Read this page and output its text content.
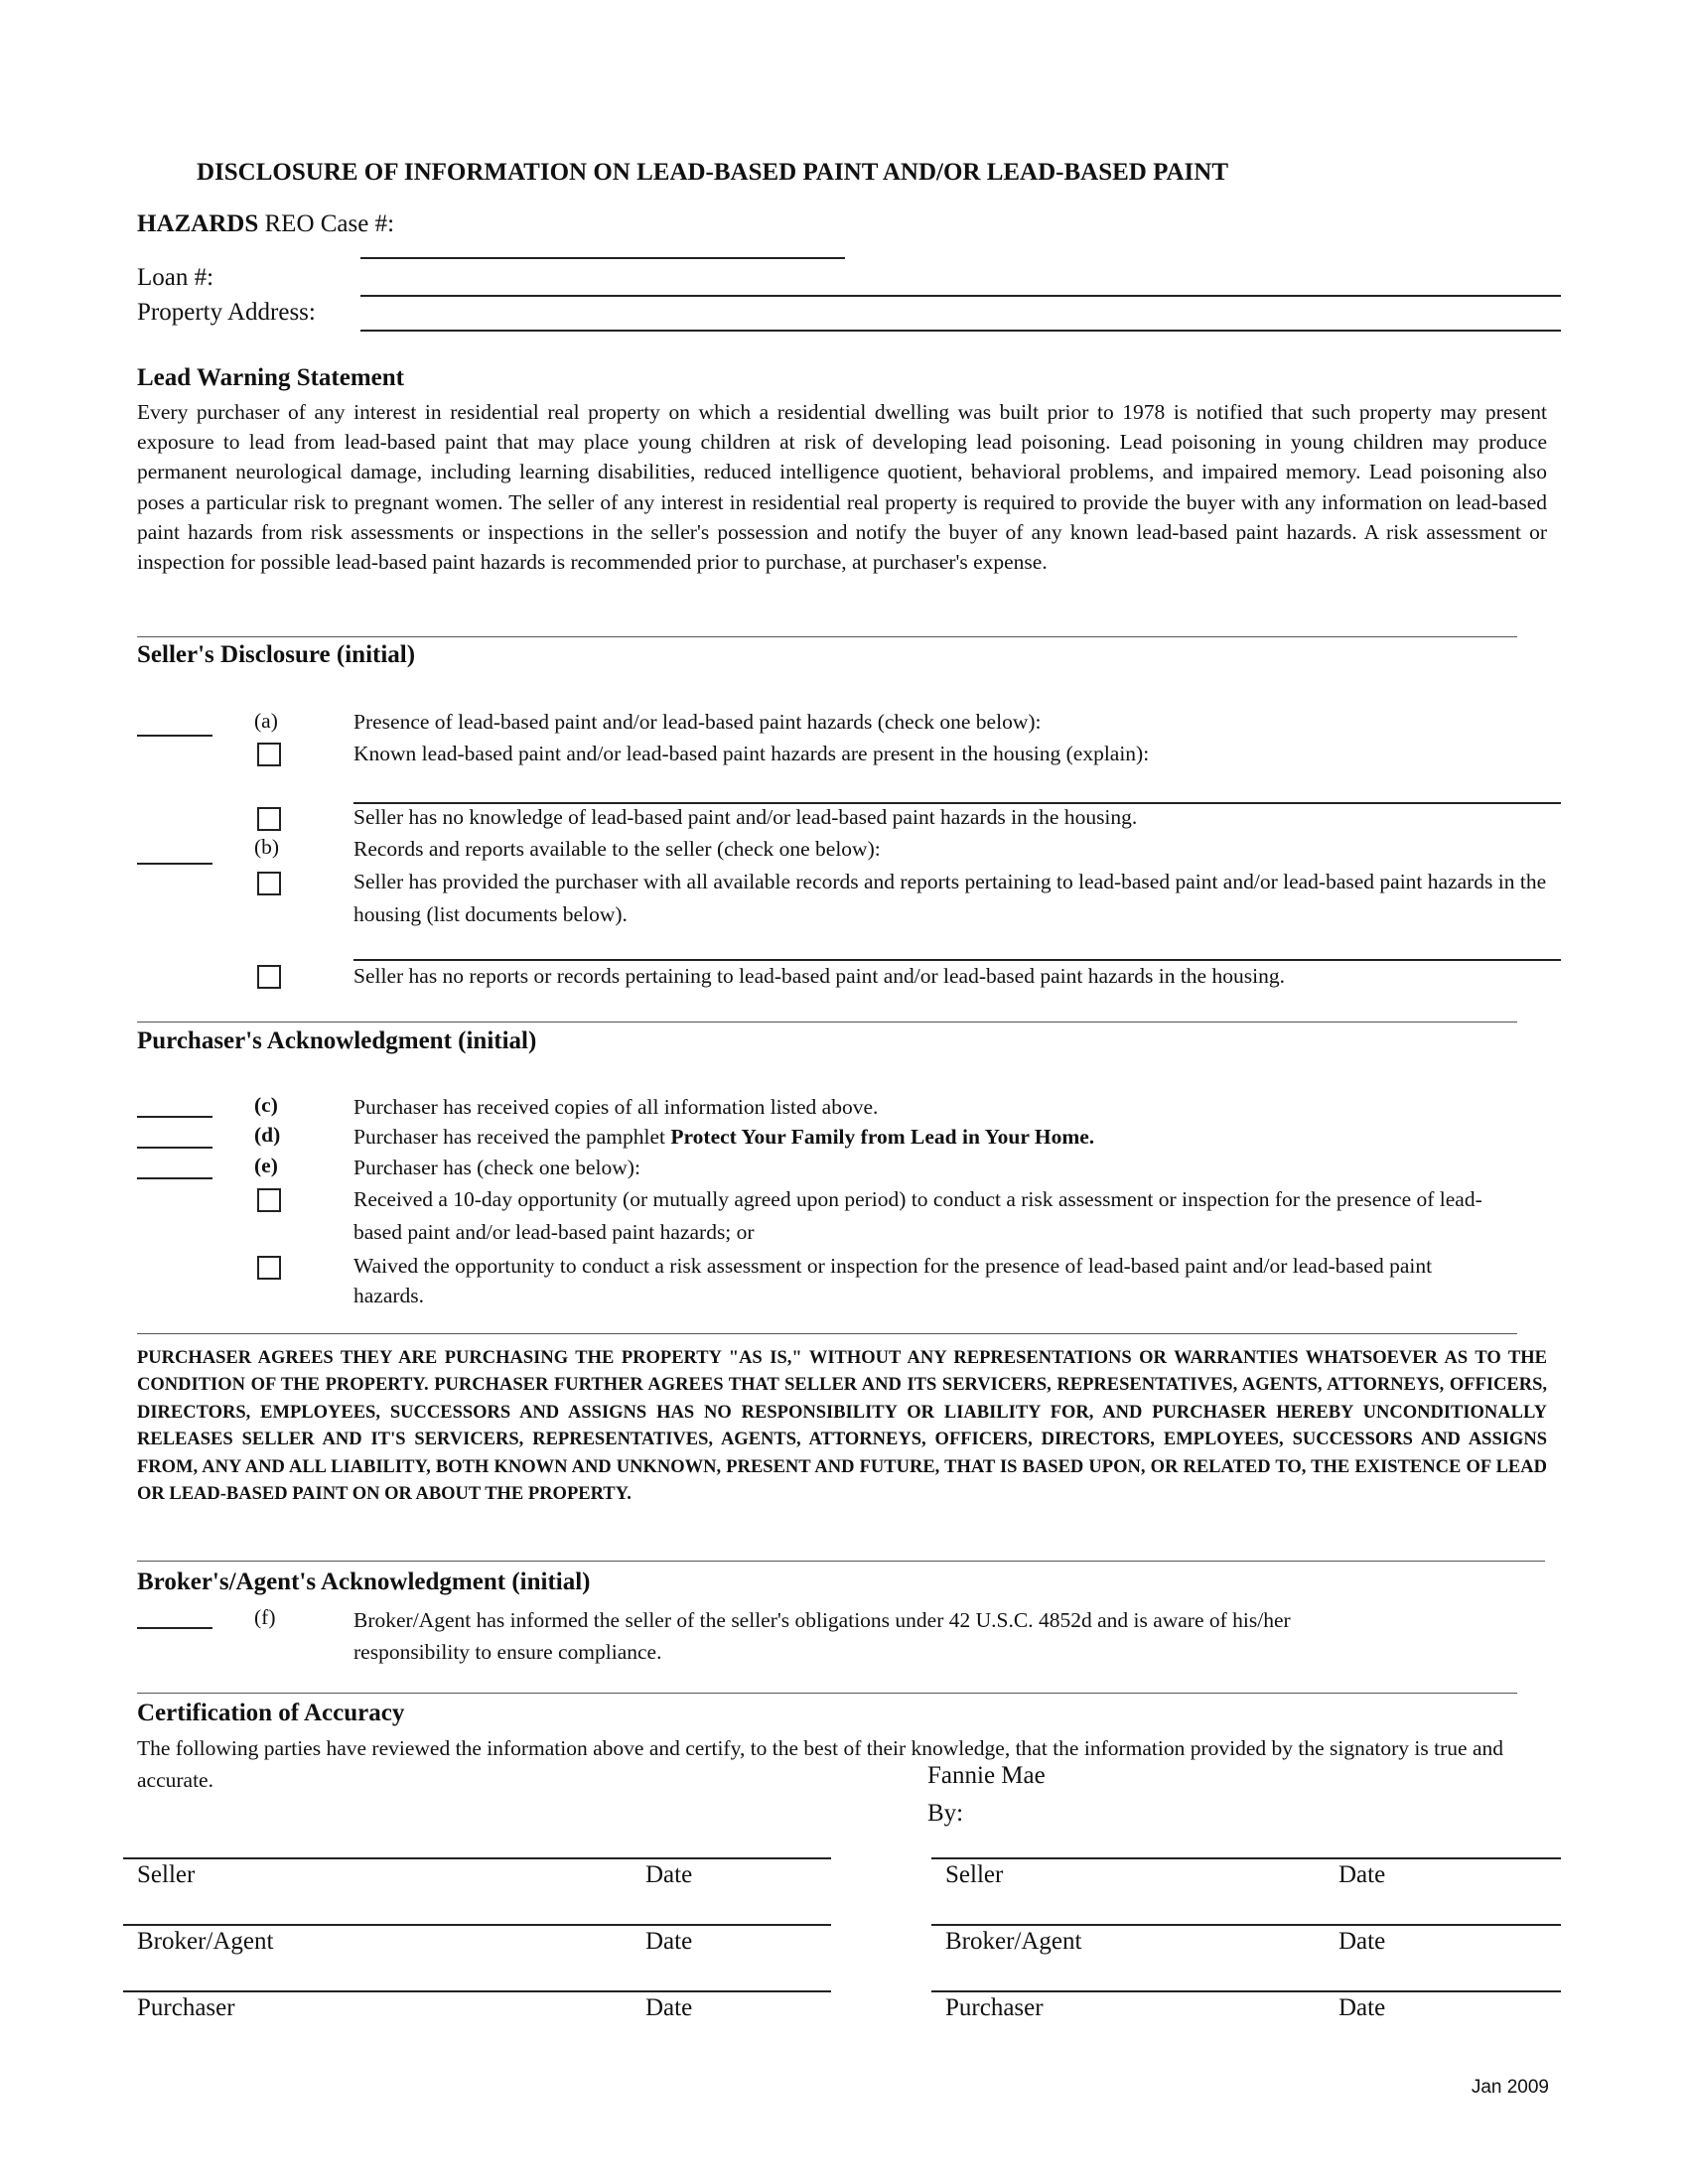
DISCLOSURE OF INFORMATION ON LEAD-BASED PAINT AND/OR LEAD-BASED PAINT
HAZARDS REO Case #:
Loan #:
Property Address:
Lead Warning Statement
Every purchaser of any interest in residential real property on which a residential dwelling was built prior to 1978 is notified that such property may present exposure to lead from lead-based paint that may place young children at risk of developing lead poisoning. Lead poisoning in young children may produce permanent neurological damage, including learning disabilities, reduced intelligence quotient, behavioral problems, and impaired memory. Lead poisoning also poses a particular risk to pregnant women. The seller of any interest in residential real property is required to provide the buyer with any information on lead-based paint hazards from risk assessments or inspections in the seller's possession and notify the buyer of any known lead-based paint hazards. A risk assessment or inspection for possible lead-based paint hazards is recommended prior to purchase, at purchaser's expense.
Seller's Disclosure (initial)
(a)	Presence of lead-based paint and/or lead-based paint hazards (check one below):
Known lead-based paint and/or lead-based paint hazards are present in the housing (explain):
Seller has no knowledge of lead-based paint and/or lead-based paint hazards in the housing.
(b)	Records and reports available to the seller (check one below):
Seller has provided the purchaser with all available records and reports pertaining to lead-based paint and/or lead-based paint hazards in the housing (list documents below).
Seller has no reports or records pertaining to lead-based paint and/or lead-based paint hazards in the housing.
Purchaser's Acknowledgment (initial)
(c)	Purchaser has received copies of all information listed above.
(d)	Purchaser has received the pamphlet Protect Your Family from Lead in Your Home.
(e)	Purchaser has (check one below):
Received a 10-day opportunity (or mutually agreed upon period) to conduct a risk assessment or inspection for the presence of lead-based paint and/or lead-based paint hazards; or
Waived the opportunity to conduct a risk assessment or inspection for the presence of lead-based paint and/or lead-based paint hazards.
PURCHASER AGREES THEY ARE PURCHASING THE PROPERTY "AS IS," WITHOUT ANY REPRESENTATIONS OR WARRANTIES WHATSOEVER AS TO THE CONDITION OF THE PROPERTY. PURCHASER FURTHER AGREES THAT SELLER AND ITS SERVICERS, REPRESENTATIVES, AGENTS, ATTORNEYS, OFFICERS, DIRECTORS, EMPLOYEES, SUCCESSORS AND ASSIGNS HAS NO RESPONSIBILITY OR LIABILITY FOR, AND PURCHASER HEREBY UNCONDITIONALLY RELEASES SELLER AND IT'S SERVICERS, REPRESENTATIVES, AGENTS, ATTORNEYS, OFFICERS, DIRECTORS, EMPLOYEES, SUCCESSORS AND ASSIGNS FROM, ANY AND ALL LIABILITY, BOTH KNOWN AND UNKNOWN, PRESENT AND FUTURE, THAT IS BASED UPON, OR RELATED TO, THE EXISTENCE OF LEAD OR LEAD-BASED PAINT ON OR ABOUT THE PROPERTY.
Broker's/Agent's Acknowledgment (initial)
(f)	Broker/Agent has informed the seller of the seller's obligations under 42 U.S.C. 4852d and is aware of his/her responsibility to ensure compliance.
Certification of Accuracy
The following parties have reviewed the information above and certify, to the best of their knowledge, that the information provided by the signatory is true and accurate.	Fannie Mae
By:
Seller	Date
Broker/Agent	Date
Purchaser	Date
Seller	Date
Broker/Agent	Date
Purchaser	Date
Jan 2009
